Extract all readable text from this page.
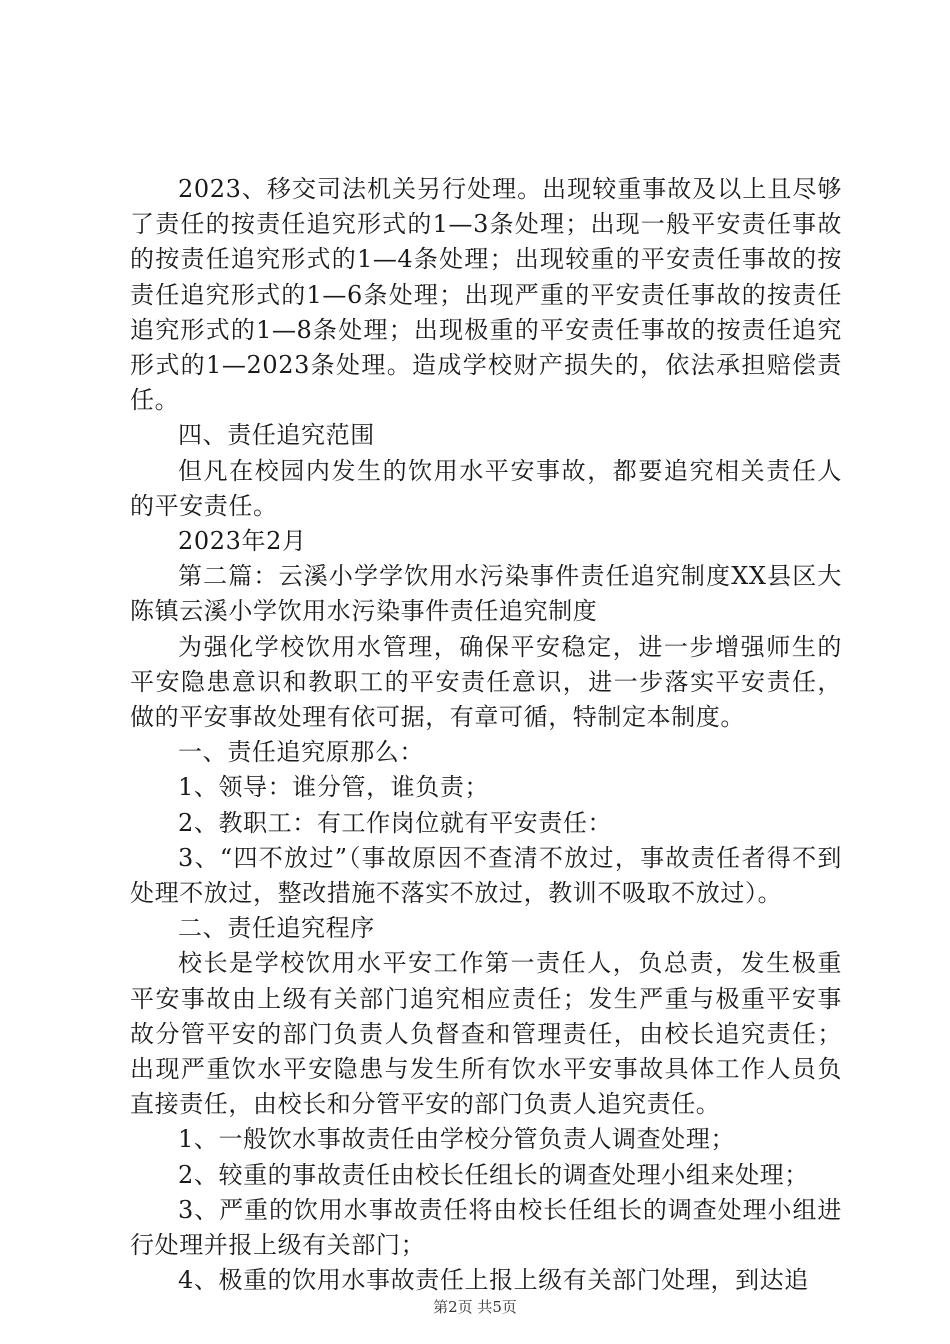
2023、移交司法机关另行处理。出现较重事故及以上且尽够了责任的按责任追究形式的1—3条处理；出现一般平安责任事故的按责任追究形式的1—4条处理；出现较重的平安责任事故的按责任追究形式的1—6条处理；出现严重的平安责任事故的按责任追究形式的1—8条处理；出现极重的平安责任事故的按责任追究形式的1—2023条处理。造成学校财产损失的，依法承担赔偿责任。

四、责任追究范围

但凡在校园内发生的饮用水平安事故，都要追究相关责任人的平安责任。

2023年2月

第二篇：云溪小学学饮用水污染事件责任追究制度XX县区大陈镇云溪小学饮用水污染事件责任追究制度

为强化学校饮用水管理，确保平安稳定，进一步增强师生的平安隐患意识和教职工的平安责任意识，进一步落实平安责任，做的平安事故处理有依可据，有章可循，特制定本制度。

一、责任追究原那么：

1、领导：谁分管，谁负责；

2、教职工：有工作岗位就有平安责任：

3、“四不放过”（事故原因不查清不放过，事故责任者得不到处理不放过，整改措施不落实不放过，教训不吸取不放过）。

二、责任追究程序

校长是学校饮用水平安工作第一责任人，负总责，发生极重平安事故由上级有关部门追究相应责任；发生严重与极重平安事故分管平安的部门负责人负督查和管理责任，由校长追究责任；出现严重饮水平安隐患与发生所有饮水平安事故具体工作人员负直接责任，由校长和分管平安的部门负责人追究责任。

1、一般饮水事故责任由学校分管负责人调查处理；

2、较重的事故责任由校长任组长的调查处理小组来处理；

3、严重的饮用水事故责任将由校长任组长的调查处理小组进行处理并报上级有关部门；

4、极重的饮用水事故责任上报上级有关部门处理，到达追

第2页 共5页
